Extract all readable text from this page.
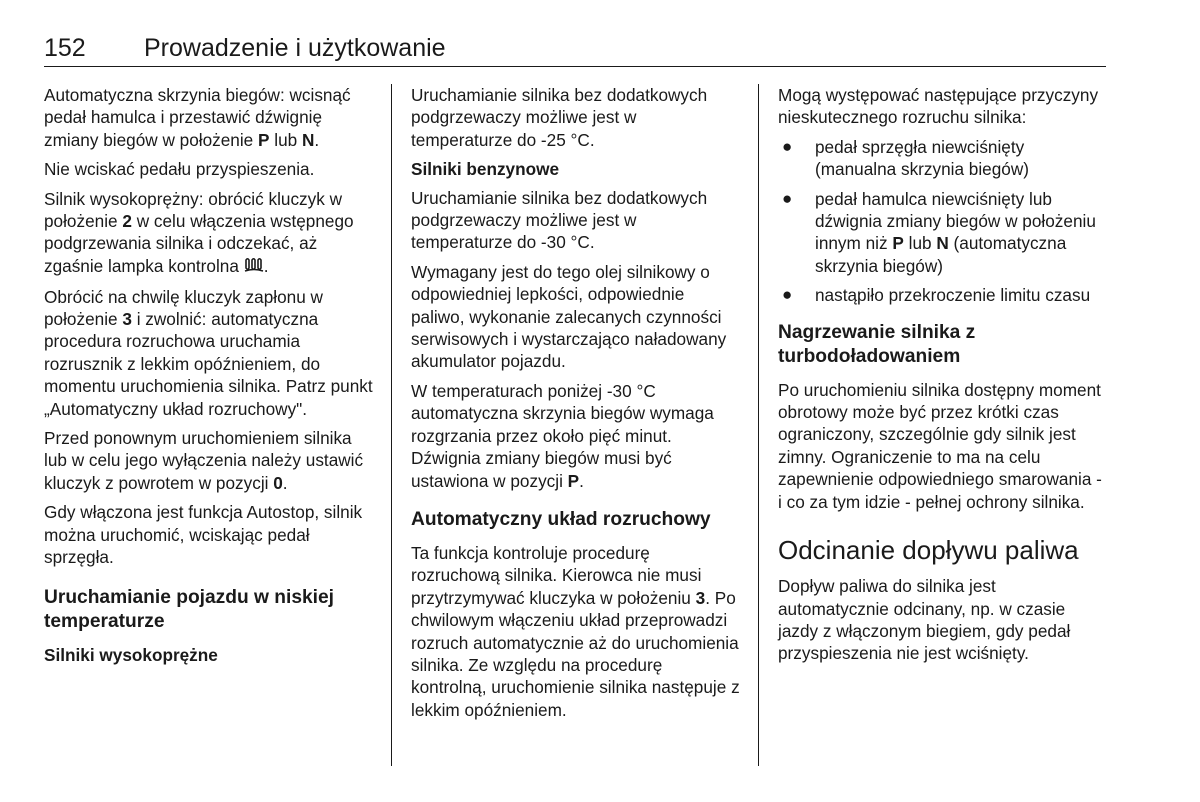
152 Prowadzenie i użytkowanie

Automatyczna skrzynia biegów: wcisnąć pedał hamulca i przestawić dźwignię zmiany biegów w położenie P lub N.

Nie wciskać pedału przyspieszenia.

Silnik wysokoprężny: obrócić kluczyk w położenie 2 w celu włączenia wstępnego podgrzewania silnika i odczekać, aż zgaśnie lampka kontrolna .

Obrócić na chwilę kluczyk zapłonu w położenie 3 i zwolnić: automatyczna procedura rozruchowa uruchamia rozrusznik z lekkim opóźnieniem, do momentu uruchomienia silnika. Patrz punkt „Automatyczny układ rozruchowy".

Przed ponownym uruchomieniem silnika lub w celu jego wyłączenia należy ustawić kluczyk z powrotem w pozycji 0.

Gdy włączona jest funkcja Autostop, silnik można uruchomić, wciskając pedał sprzęgła.

Uruchamianie pojazdu w niskiej temperaturze
Silniki wysokoprężne

Uruchamianie silnika bez dodatkowych podgrzewaczy możliwe jest w temperaturze do -25 °C.

Silniki benzynowe

Uruchamianie silnika bez dodatkowych podgrzewaczy możliwe jest w temperaturze do -30 °C.

Wymagany jest do tego olej silnikowy o odpowiedniej lepkości, odpowiednie paliwo, wykonanie zalecanych czynności serwisowych i wystarczająco naładowany akumulator pojazdu.

W temperaturach poniżej -30 °C automatyczna skrzynia biegów wymaga rozgrzania przez około pięć minut. Dźwignia zmiany biegów musi być ustawiona w pozycji P.

Automatyczny układ rozruchowy

Ta funkcja kontroluje procedurę rozruchową silnika. Kierowca nie musi przytrzymywać kluczyka w położeniu 3. Po chwilowym włączeniu układ przeprowadzi rozruch automatycznie aż do uruchomienia silnika. Ze względu na procedurę kontrolną, uruchomienie silnika następuje z lekkim opóźnieniem.

Mogą występować następujące przyczyny nieskutecznego rozruchu silnika:

● pedał sprzęgła niewciśnięty (manualna skrzynia biegów)
● pedał hamulca niewciśnięty lub dźwignia zmiany biegów w położeniu innym niż P lub N (automatyczna skrzynia biegów)
● nastąpiło przekroczenie limitu czasu
Nagrzewanie silnika z turbodoładowaniem

Po uruchomieniu silnika dostępny moment obrotowy może być przez krótki czas ograniczony, szczególnie gdy silnik jest zimny. Ograniczenie to ma na celu zapewnienie odpowiedniego smarowania - i co za tym idzie - pełnej ochrony silnika.

Odcinanie dopływu paliwa

Dopływ paliwa do silnika jest automatycznie odcinany, np. w czasie jazdy z włączonym biegiem, gdy pedał przyspieszenia nie jest wciśnięty.
